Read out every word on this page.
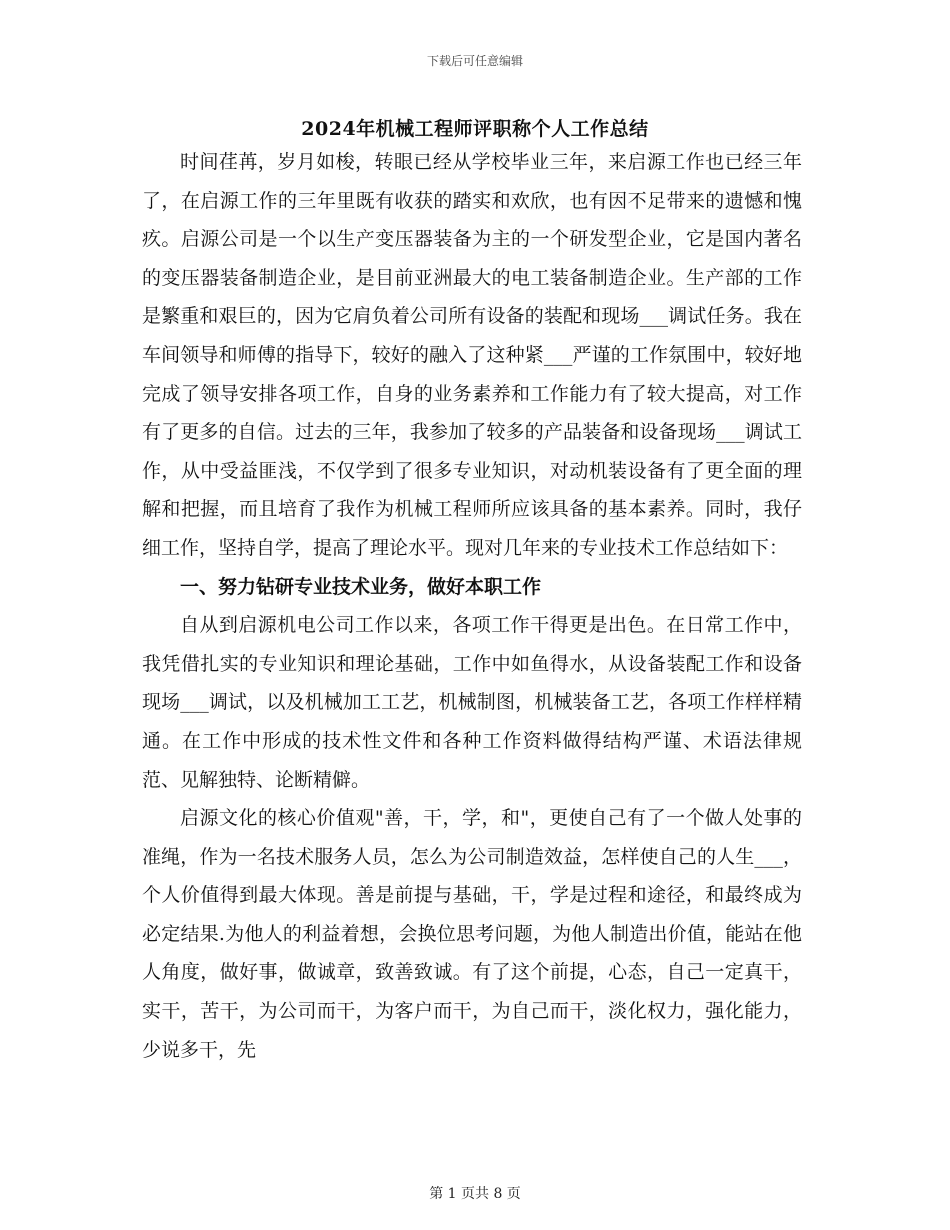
下载后可任意编辑
2024年机械工程师评职称个人工作总结

时间荏苒，岁月如梭，转眼已经从学校毕业三年，来启源工作也已经三年了，在启源工作的三年里既有收获的踏实和欢欣，也有因不足带来的遗憾和愧疚。启源公司是一个以生产变压器装备为主的一个研发型企业，它是国内著名的变压器装备制造企业，是目前亚洲最大的电工装备制造企业。生产部的工作是繁重和艰巨的，因为它肩负着公司所有设备的装配和现场___调试任务。我在车间领导和师傅的指导下，较好的融入了这种紧___严谨的工作氛围中，较好地完成了领导安排各项工作，自身的业务素养和工作能力有了较大提高，对工作有了更多的自信。过去的三年，我参加了较多的产品装备和设备现场___调试工作，从中受益匪浅，不仅学到了很多专业知识，对动机装设备有了更全面的理解和把握，而且培育了我作为机械工程师所应该具备的基本素养。同时，我仔细工作，坚持自学，提高了理论水平。现对几年来的专业技术工作总结如下：

一、努力钻研专业技术业务，做好本职工作

自从到启源机电公司工作以来，各项工作干得更是出色。在日常工作中，我凭借扎实的专业知识和理论基础，工作中如鱼得水，从设备装配工作和设备现场___调试，以及机械加工工艺，机械制图，机械装备工艺，各项工作样样精通。在工作中形成的技术性文件和各种工作资料做得结构严谨、术语法律规范、见解独特、论断精僻。

启源文化的核心价值观"善，干，学，和"，更使自己有了一个做人处事的准绳，作为一名技术服务人员，怎么为公司制造效益，怎样使自己的人生___，个人价值得到最大体现。善是前提与基础，干，学是过程和途径，和最终成为必定结果.为他人的利益着想，会换位思考问题，为他人制造出价值，能站在他人角度，做好事，做诚章，致善致诚。有了这个前提，心态，自己一定真干，实干，苦干，为公司而干，为客户而干，为自己而干，淡化权力，强化能力，少说多干，先

第 1 页共 8 页
